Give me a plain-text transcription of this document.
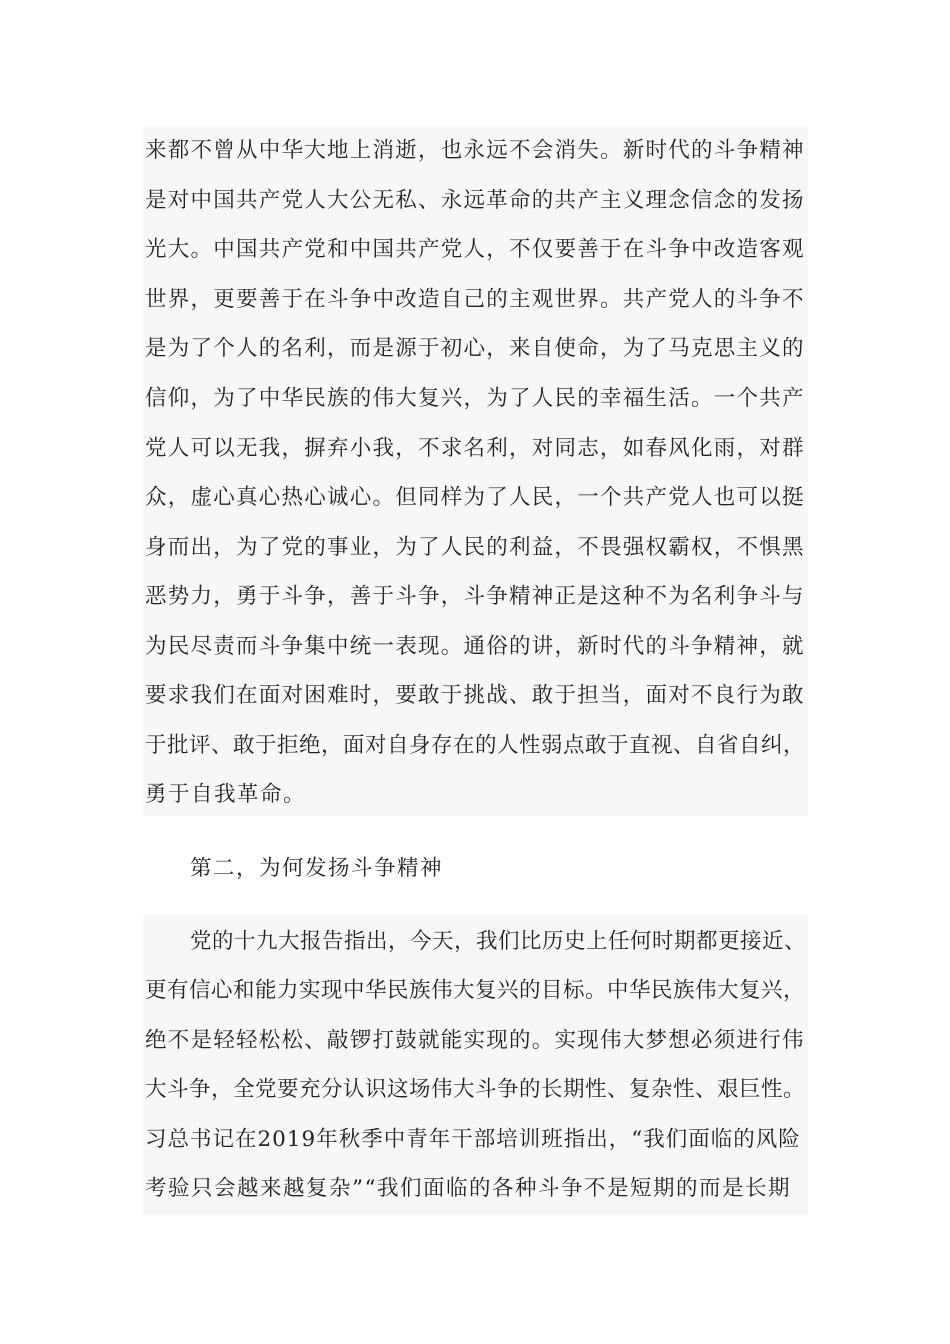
来都不曾从中华大地上消逝，也永远不会消失。新时代的斗争精神
是对中国共产党人大公无私、永远革命的共产主义理念信念的发扬
光大。中国共产党和中国共产党人，不仅要善于在斗争中改造客观
世界，更要善于在斗争中改造自己的主观世界。共产党人的斗争不
是为了个人的名利，而是源于初心，来自使命，为了马克思主义的
信仰，为了中华民族的伟大复兴，为了人民的幸福生活。一个共产
党人可以无我，摒弃小我，不求名利，对同志，如春风化雨，对群
众，虚心真心热心诚心。但同样为了人民，一个共产党人也可以挺
身而出，为了党的事业，为了人民的利益，不畏强权霸权，不惧黑
恶势力，勇于斗争，善于斗争，斗争精神正是这种不为名利争斗与
为民尽责而斗争集中统一表现。通俗的讲，新时代的斗争精神，就
要求我们在面对困难时，要敢于挑战、敢于担当，面对不良行为敢
于批评、敢于拒绝，面对自身存在的人性弱点敢于直视、自省自纠，
勇于自我革命。
第二，为何发扬斗争精神
党的十九大报告指出，今天，我们比历史上任何时期都更接近、
更有信心和能力实现中华民族伟大复兴的目标。中华民族伟大复兴，
绝不是轻轻松松、敲锣打鼓就能实现的。实现伟大梦想必须进行伟
大斗争，全党要充分认识这场伟大斗争的长期性、复杂性、艰巨性。
习总书记在2019年秋季中青年干部培训班指出，“我们面临的风险
考验只会越来越复杂”“我们面临的各种斗争不是短期的而是长期
